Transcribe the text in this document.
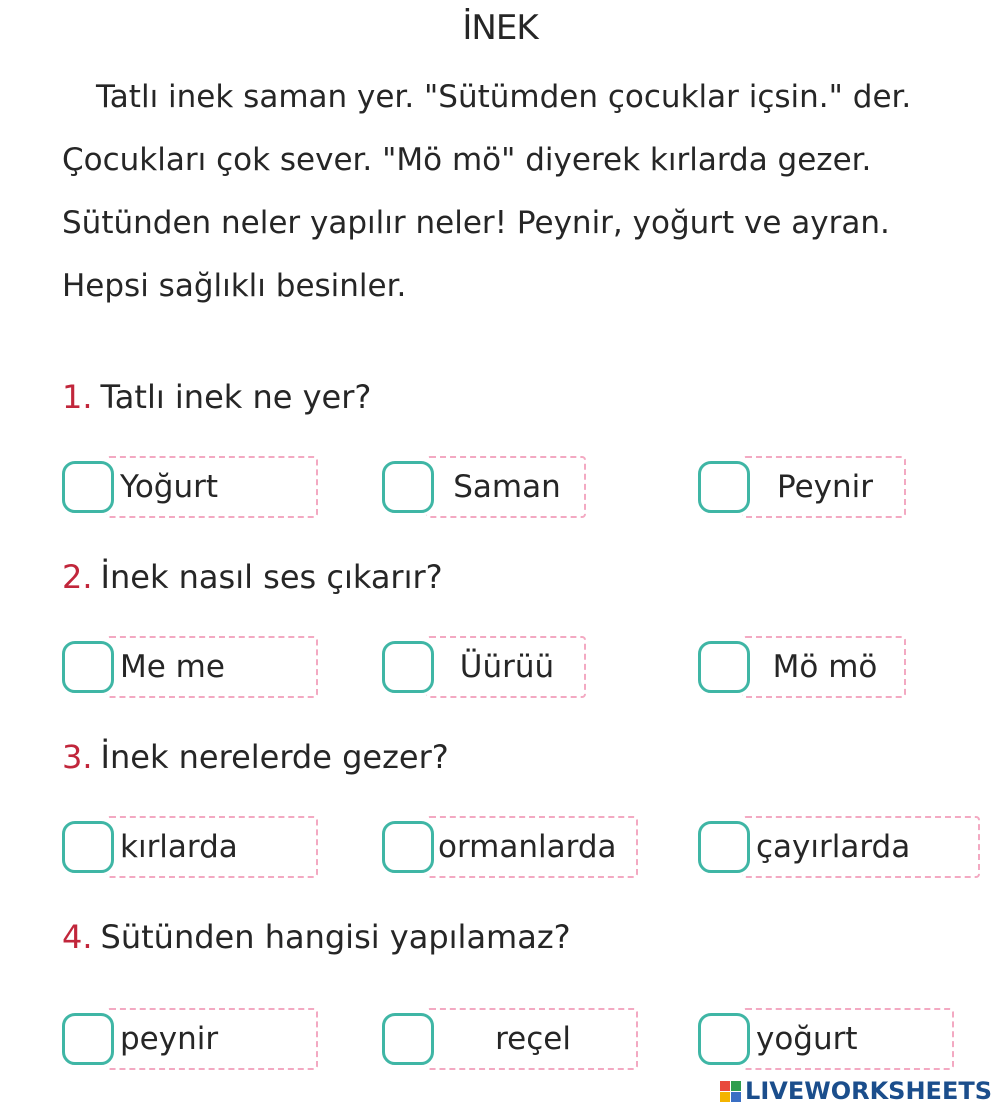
İNEK
Tatlı inek saman yer. "Sütümden çocuklar içsin." der.
Çocukları çok sever. "Mö mö" diyerek kırlarda gezer.
Sütünden neler yapılır neler! Peynir, yoğurt ve ayran.
Hepsi sağlıklı besinler.
1. Tatlı inek ne yer?
Yoğurt	Saman	Peynir
2. İnek nasıl ses çıkarır?
Me me	Üürüü	Mö mö
3. İnek nerelerde gezer?
kırlarda	ormanlarda	çayırlarda
4. Sütünden hangisi yapılamaz?
peynir	reçel	yoğurt
LIVEWORKSHEETS
